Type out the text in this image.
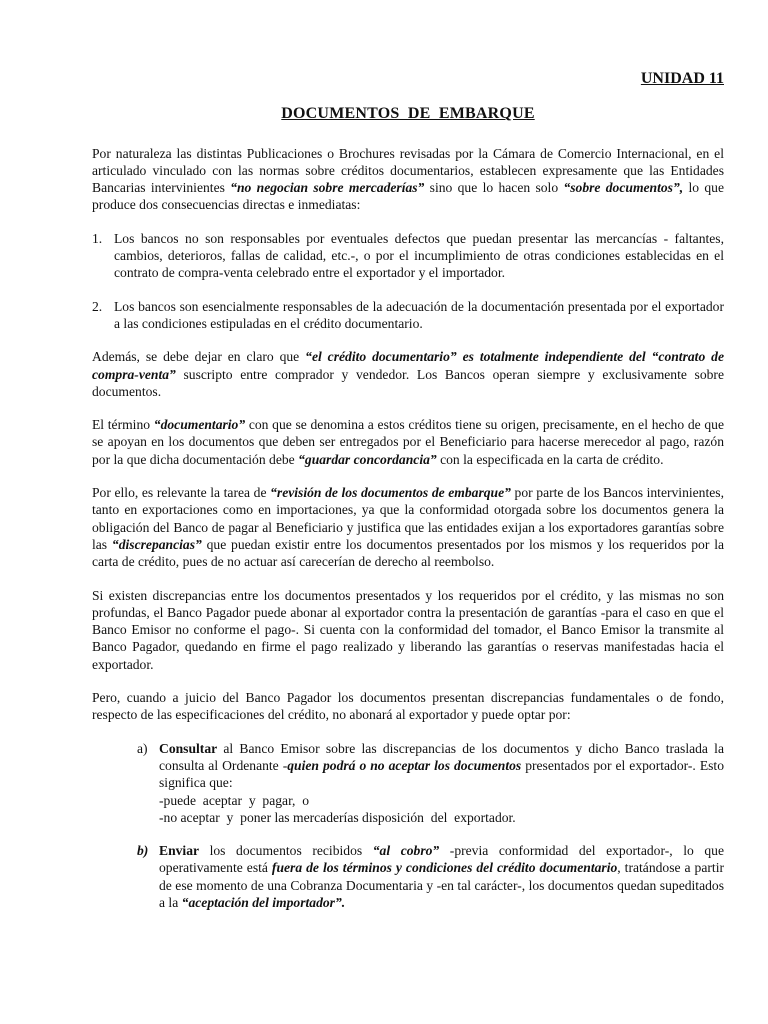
UNIDAD 11
DOCUMENTOS  DE  EMBARQUE

Por naturaleza las distintas Publicaciones o Brochures revisadas por la Cámara de Comercio Internacional, en el articulado vinculado con las normas sobre créditos documentarios, establecen expresamente que las Entidades Bancarias intervinientes “no negocian sobre mercaderías” sino que lo hacen solo “sobre documentos”, lo que produce dos consecuencias directas e inmediatas:

1. Los bancos no son responsables por eventuales defectos que puedan presentar las mercancías - faltantes, cambios, deterioros, fallas de calidad, etc.-, o por el incumplimiento de otras condiciones establecidas en el contrato de compra-venta celebrado entre el exportador y el importador.
2. Los bancos son esencialmente responsables de la adecuación de la documentación presentada por el exportador a las condiciones estipuladas en el crédito documentario.

Además, se debe dejar en claro que “el crédito documentario” es totalmente independiente del “contrato de compra-venta” suscripto entre comprador y vendedor. Los Bancos operan siempre y exclusivamente sobre documentos.

El término “documentario” con que se denomina a estos créditos tiene su origen, precisamente, en el hecho de que se apoyan en los documentos que deben ser entregados por el Beneficiario para hacerse merecedor al pago, razón por la que dicha documentación debe “guardar concordancia” con la especificada en la carta de crédito.

Por ello, es relevante la tarea de “revisión de los documentos de embarque” por parte de los Bancos intervinientes, tanto en exportaciones como en importaciones, ya que la conformidad otorgada sobre los documentos genera la obligación del Banco de pagar al Beneficiario y justifica que las entidades exijan a los exportadores garantías sobre las “discrepancias” que puedan existir entre los documentos presentados por los mismos y los requeridos por la carta de crédito, pues de no actuar así carecerían de derecho al reembolso.

Si existen discrepancias entre los documentos presentados y los requeridos por el crédito, y las mismas no son profundas, el Banco Pagador puede abonar al exportador contra la presentación de garantías -para el caso en que el Banco Emisor no conforme el pago-. Si cuenta con la conformidad del tomador, el Banco Emisor la transmite al Banco Pagador, quedando en firme el pago realizado y liberando las garantías o reservas manifestadas hacia el exportador.

Pero, cuando a juicio del Banco Pagador los documentos presentan discrepancias fundamentales o de fondo, respecto de las especificaciones del crédito, no abonará al exportador y puede optar por:

a) Consultar al Banco Emisor sobre las discrepancias de los documentos y dicho Banco traslada la consulta al Ordenante -quien podrá o no aceptar los documentos presentados por el exportador-. Esto significa que:
-puede  aceptar  y  pagar,  o
-no aceptar  y  poner las mercaderías disposición  del  exportador.
b) Enviar los documentos recibidos “al cobro” -previa conformidad del exportador-, lo que operativamente está fuera de los términos y condiciones del crédito documentario, tratándose a partir de ese momento de una Cobranza Documentaria y -en tal carácter-, los documentos quedan supeditados a la “aceptación del importador”.
